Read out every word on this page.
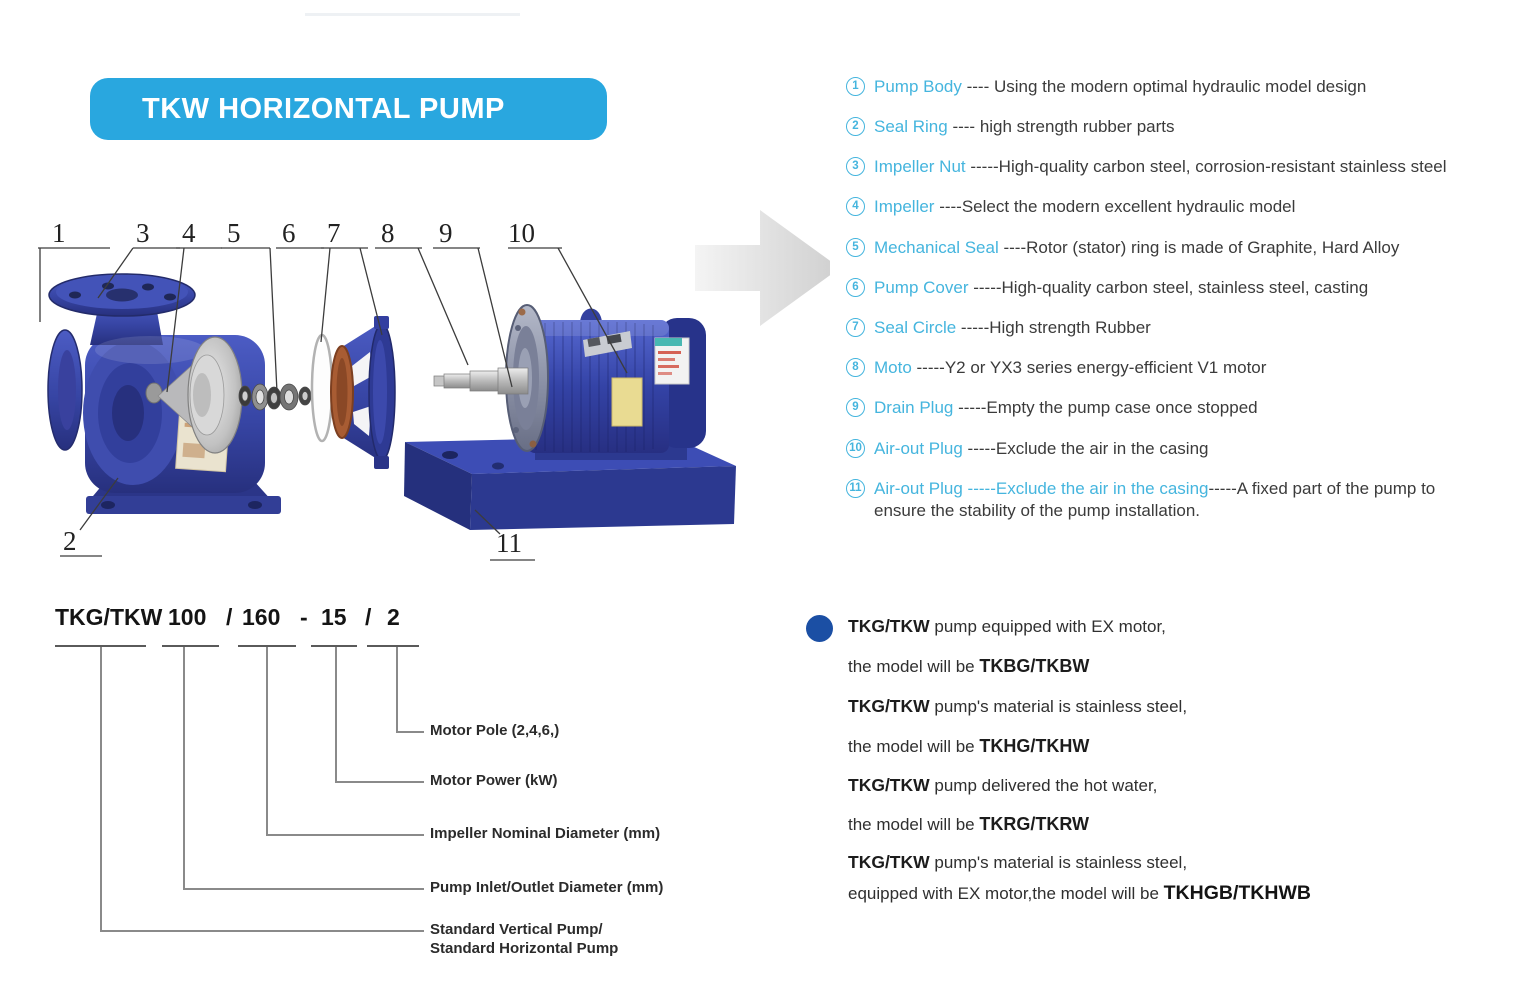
TKW HORIZONTAL PUMP
1	3 4 5 6 7 8 9 10
2	11
1 Pump Body ---- Using the modern optimal hydraulic model design
2 Seal Ring ---- high strength rubber parts
3 Impeller Nut -----High-quality carbon steel, corrosion-resistant stainless steel
4 Impeller ----Select the modern excellent hydraulic model
5 Mechanical Seal ----Rotor (stator) ring is made of Graphite, Hard Alloy
6 Pump Cover -----High-quality carbon steel, stainless steel, casting
7 Seal Circle -----High strength Rubber
8 Moto -----Y2 or YX3 series energy-efficient V1 motor
9 Drain Plug -----Empty the pump case once stopped
10 Air-out Plug -----Exclude the air in the casing
11 Air-out Plug -----Exclude the air in the casing-----A fixed part of the pump to
ensure the stability of the pump installation.
TKG/TKW 100 / 160 - 15 / 2
Motor Pole (2,4,6,)
Motor Power (kW)
Impeller Nominal Diameter (mm)
Pump Inlet/Outlet Diameter (mm)
Standard Vertical Pump/
Standard Horizontal Pump
TKG/TKW pump equipped with EX motor,
the model will be TKBG/TKBW
TKG/TKW pump's material is stainless steel,
the model will be TKHG/TKHW
TKG/TKW pump delivered the hot water,
the model will be TKRG/TKRW
TKG/TKW pump's material is stainless steel,
equipped with EX motor,the model will be TKHGB/TKHWB
